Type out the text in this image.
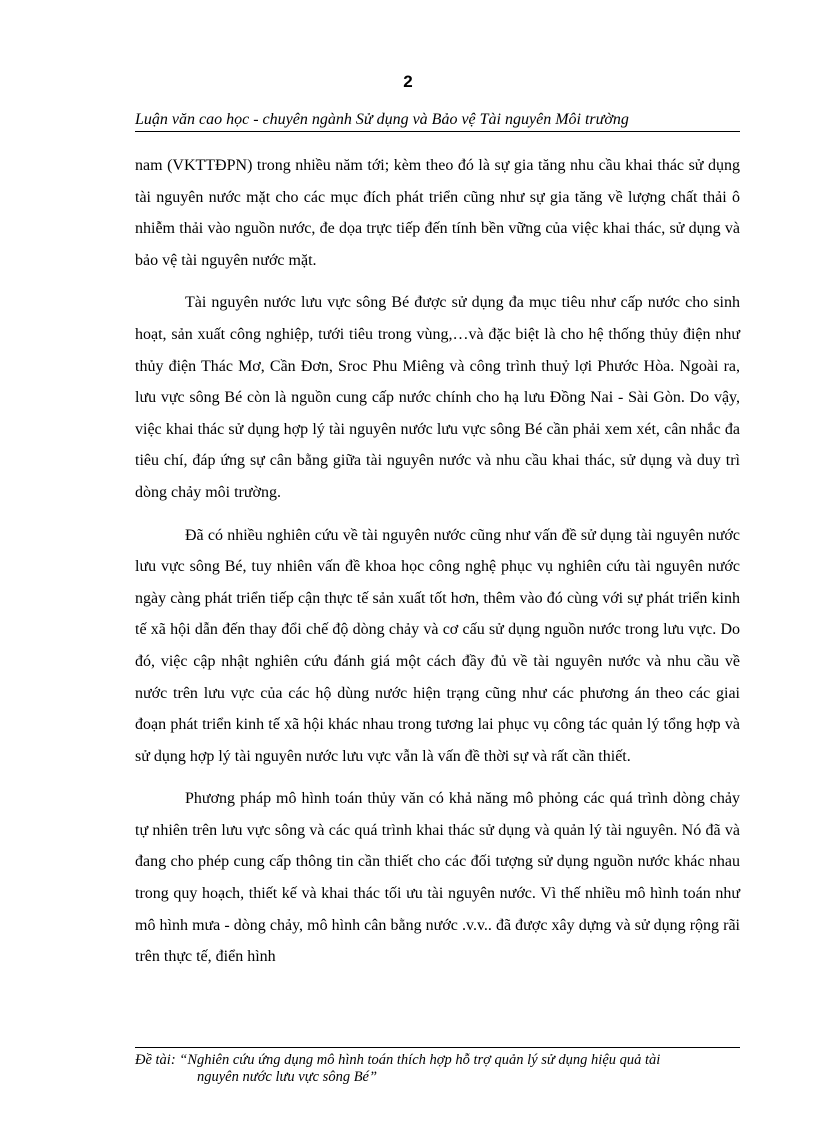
2
Luận văn cao học - chuyên ngành Sử dụng và Bảo vệ Tài nguyên Môi trường

nam (VKTTĐPN) trong nhiều năm tới; kèm theo đó là sự gia tăng nhu cầu khai thác sử dụng tài nguyên nước mặt cho các mục đích phát triển cũng như sự gia tăng về lượng chất thải ô nhiễm thải vào nguồn nước, đe dọa trực tiếp đến tính bền vững của việc khai thác, sử dụng và bảo vệ tài nguyên nước mặt.

Tài nguyên nước lưu vực sông Bé được sử dụng đa mục tiêu như cấp nước cho sinh hoạt, sản xuất công nghiệp, tưới tiêu trong vùng,…và đặc biệt là cho hệ thống thủy điện như thủy điện Thác Mơ, Cần Đơn, Sroc Phu Miêng và công trình thuỷ lợi Phước Hòa. Ngoài ra, lưu vực sông Bé còn là nguồn cung cấp nước chính cho hạ lưu Đồng Nai - Sài Gòn. Do vậy, việc khai thác sử dụng hợp lý tài nguyên nước lưu vực sông Bé cần phải xem xét, cân nhắc đa tiêu chí, đáp ứng sự cân bằng giữa tài nguyên nước và nhu cầu khai thác, sử dụng và duy trì dòng chảy môi trường.

Đã có nhiều nghiên cứu về tài nguyên nước cũng như vấn đề sử dụng tài nguyên nước lưu vực sông Bé, tuy nhiên vấn đề khoa học công nghệ phục vụ nghiên cứu tài nguyên nước ngày càng phát triển tiếp cận thực tế sản xuất tốt hơn, thêm vào đó cùng với sự phát triển kinh tế xã hội dẫn đến thay đổi chế độ dòng chảy và cơ cấu sử dụng nguồn nước trong lưu vực. Do đó, việc cập nhật nghiên cứu đánh giá một cách đầy đủ về tài nguyên nước và nhu cầu về nước trên lưu vực của các hộ dùng nước hiện trạng cũng như các phương án theo các giai đoạn phát triển kinh tế xã hội khác nhau trong tương lai phục vụ công tác quản lý tổng hợp và sử dụng hợp lý tài nguyên nước lưu vực vẫn là vấn đề thời sự và rất cần thiết.

Phương pháp mô hình toán thủy văn có khả năng mô phỏng các quá trình dòng chảy tự nhiên trên lưu vực sông và các quá trình khai thác sử dụng và quản lý tài nguyên. Nó đã và đang cho phép cung cấp thông tin cần thiết cho các đối tượng sử dụng nguồn nước khác nhau trong quy hoạch, thiết kế và khai thác tối ưu tài nguyên nước. Vì thế nhiều mô hình toán như mô hình mưa - dòng chảy, mô hình cân bằng nước .v.v.. đã được xây dựng và sử dụng rộng rãi trên thực tế, điển hình

Đề tài: “Nghiên cứu ứng dụng mô hình toán thích hợp hỗ trợ quản lý sử dụng hiệu quả tài
nguyên nước lưu vực sông Bé”
